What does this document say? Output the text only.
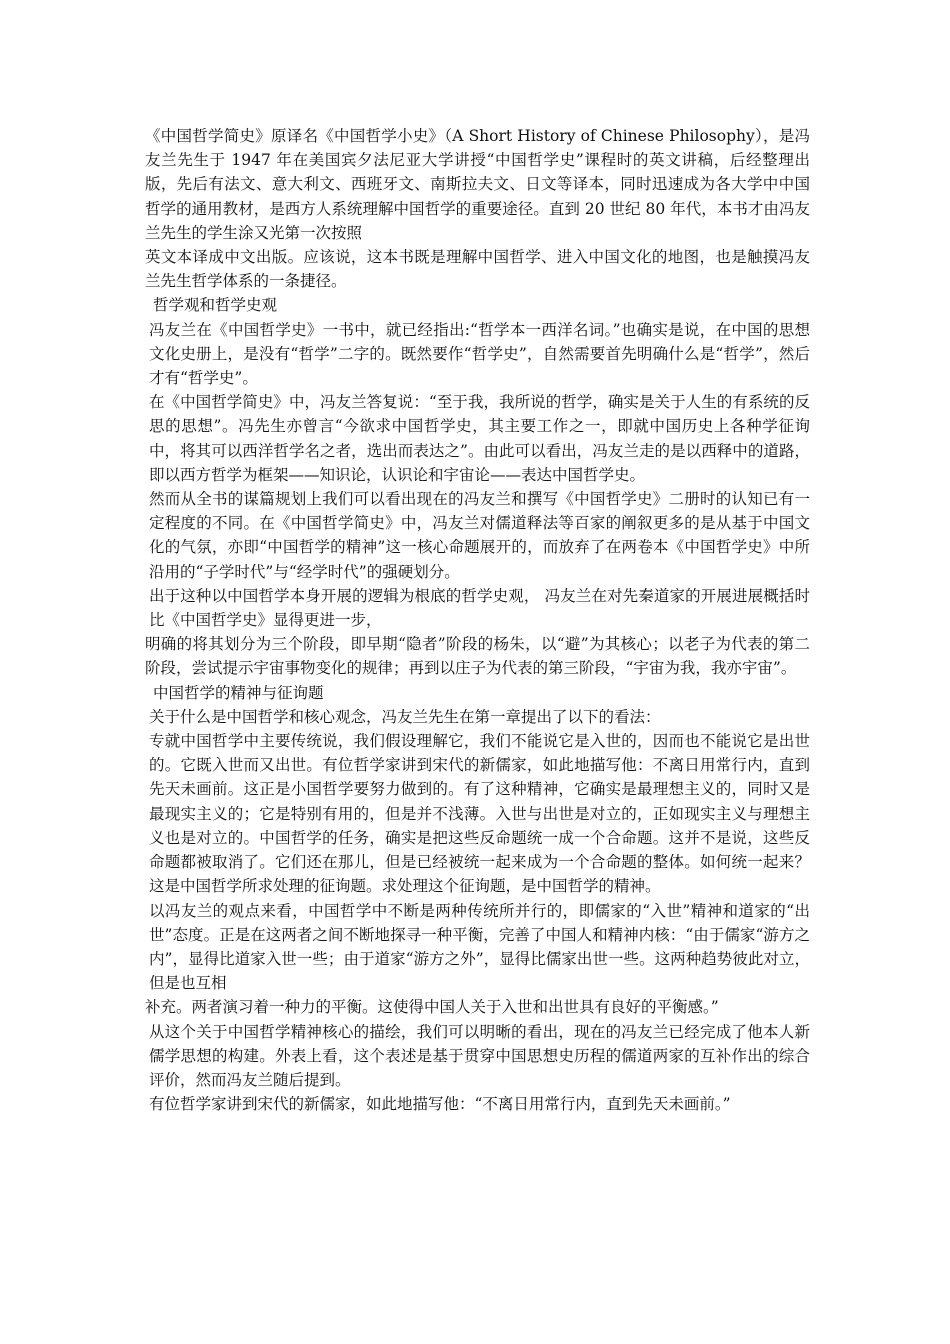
《中国哲学简史》原译名《中国哲学小史》（A Short History of Chinese Philosophy），是冯友兰先生于 1947 年在美国宾夕法尼亚大学讲授“中国哲学史”课程时的英文讲稿，后经整理出版，先后有法文、意大利文、西班牙文、南斯拉夫文、日文等译本，同时迅速成为各大学中中国哲学的通用教材，是西方人系统理解中国哲学的重要途径。直到 20 世纪 80 年代，本书才由冯友兰先生的学生涂又光第一次按照

英文本译成中文出版。应该说，这本书既是理解中国哲学、进入中国文化的地图，也是触摸冯友兰先生哲学体系的一条捷径。

哲学观和哲学史观

冯友兰在《中国哲学史》一书中，就已经指出:“哲学本一西洋名词。”也确实是说，在中国的思想文化史册上，是没有“哲学”二字的。既然要作“哲学史”，自然需要首先明确什么是“哲学”，然后才有“哲学史”。

在《中国哲学简史》中，冯友兰答复说：“至于我，我所说的哲学，确实是关于人生的有系统的反思的思想”。冯先生亦曾言“今欲求中国哲学史，其主要工作之一，即就中国历史上各种学征询中，将其可以西洋哲学名之者，选出而表达之”。由此可以看出，冯友兰走的是以西释中的道路，即以西方哲学为框架——知识论，认识论和宇宙论——表达中国哲学史。

然而从全书的谋篇规划上我们可以看出现在的冯友兰和撰写《中国哲学史》二册时的认知已有一定程度的不同。在《中国哲学简史》中，冯友兰对儒道释法等百家的阐叙更多的是从基于中国文化的气氛，亦即“中国哲学的精神”这一核心命题展开的，而放弃了在两卷本《中国哲学史》中所沿用的“子学时代”与“经学时代”的强硬划分。

出于这种以中国哲学本身开展的逻辑为根底的哲学史观， 冯友兰在对先秦道家的开展进展概括时比《中国哲学史》显得更进一步，

明确的将其划分为三个阶段，即早期“隐者”阶段的杨朱，以“避”为其核心；以老子为代表的第二阶段，尝试提示宇宙事物变化的规律；再到以庄子为代表的第三阶段，“宇宙为我，我亦宇宙”。

中国哲学的精神与征询题

关于什么是中国哲学和核心观念，冯友兰先生在第一章提出了以下的看法：

专就中国哲学中主要传统说，我们假设理解它，我们不能说它是入世的，因而也不能说它是出世的。它既入世而又出世。有位哲学家讲到宋代的新儒家，如此地描写他：不离日用常行内，直到先天未画前。这正是小国哲学要努力做到的。有了这种精神，它确实是最理想主义的，同时又是最现实主义的；它是特别有用的，但是并不浅薄。入世与出世是对立的，正如现实主义与理想主义也是对立的。中国哲学的任务，确实是把这些反命题统一成一个合命题。这并不是说，这些反命题都被取消了。它们还在那儿，但是已经被统一起来成为一个合命题的整体。如何统一起来？这是中国哲学所求处理的征询题。求处理这个征询题，是中国哲学的精神。

以冯友兰的观点来看，中国哲学中不断是两种传统所并行的，即儒家的“入世”精神和道家的“出世”态度。正是在这两者之间不断地探寻一种平衡，完善了中国人和精神内核：“由于儒家“游方之内”，显得比道家入世一些；由于道家“游方之外”，显得比儒家出世一些。这两种趋势彼此对立，但是也互相

补充。两者演习着一种力的平衡。这使得中国人关于入世和出世具有良好的平衡感。”

从这个关于中国哲学精神核心的描绘，我们可以明晰的看出，现在的冯友兰已经完成了他本人新儒学思想的构建。外表上看，这个表述是基于贯穿中国思想史历程的儒道两家的互补作出的综合评价，然而冯友兰随后提到。

有位哲学家讲到宋代的新儒家，如此地描写他：“不离日用常行内，直到先天未画前。”
